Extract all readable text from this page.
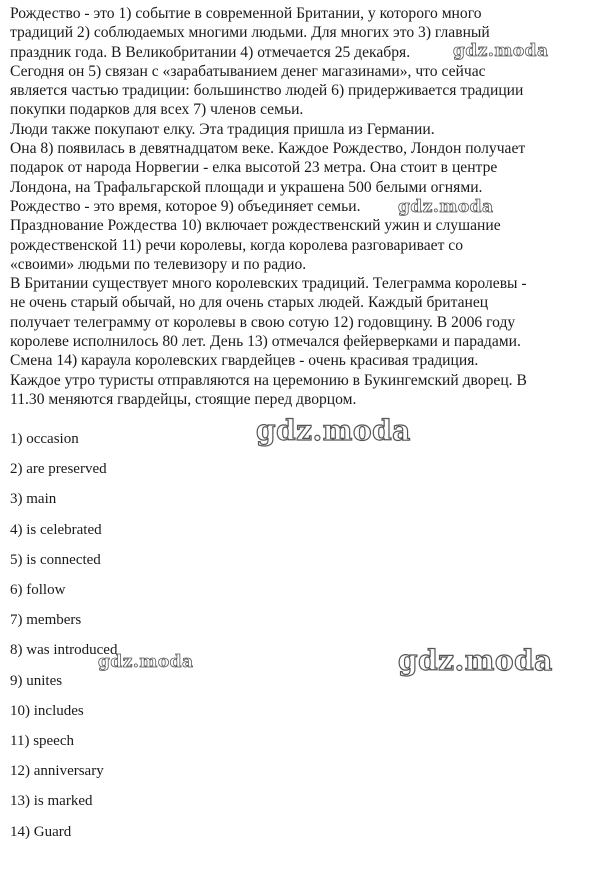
Рождество - это 1) событие в современной Британии, у которого много
традиций 2) соблюдаемых многими людьми. Для многих это 3) главный
праздник года. В Великобритании 4) отмечается 25 декабря.
Сегодня он 5) связан с «зарабатыванием денег магазинами», что сейчас
является частью традиции: большинство людей 6) придерживается традиции
покупки подарков для всех 7) членов семьи.
Люди также покупают елку. Эта традиция пришла из Германии.
Она 8) появилась в девятнадцатом веке. Каждое Рождество, Лондон получает
подарок от народа Норвегии - елка высотой 23 метра. Она стоит в центре
Лондона, на Трафальгарской площади и украшена 500 белыми огнями.
Рождество - это время, которое 9) объединяет семьи.
Празднование Рождества 10) включает рождественский ужин и слушание
рождественской 11) речи королевы, когда королева разговаривает со
«своими» людьми по телевизору и по радио.
В Британии существует много королевских традиций. Телеграмма королевы -
не очень старый обычай, но для очень старых людей. Каждый британец
получает телеграмму от королевы в свою сотую 12) годовщину. В 2006 году
королеве исполнилось 80 лет. День 13) отмечался фейерверками и парадами.
Смена 14) караула королевских гвардейцев - очень красивая традиция.
Каждое утро туристы отправляются на церемонию в Букингемский дворец. В
11.30 меняются гвардейцы, стоящие перед дворцом.

1) occasion
2) are preserved
3) main
4) is celebrated
5) is connected
6) follow
7) members
8) was introduced
9) unites
10) includes
11) speech
12) anniversary
13) is marked
14) Guard
gdz.moda
gdz.moda
gdz.moda
gdz.moda	gdz.moda
